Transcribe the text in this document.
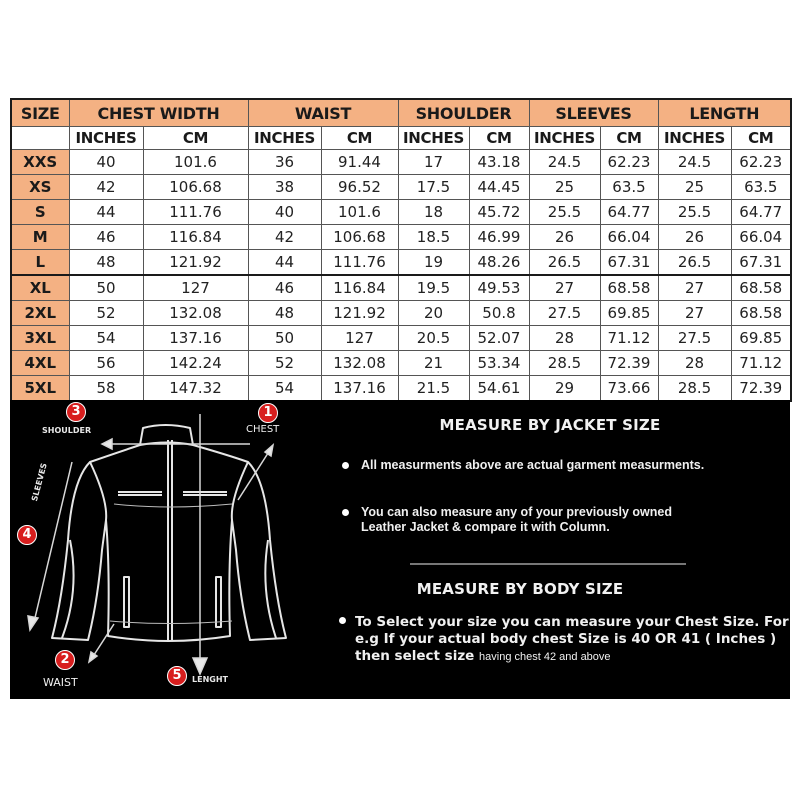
SIZE	CHEST WIDTH		WAIST		SHOULDER		SLEEVES		LENGTH	
	INCHES	CM	INCHES	CM	INCHES	CM	INCHES	CM	INCHES	CM
XXS	40	101.6	36	91.44	17	43.18	24.5	62.23	24.5	62.23
XS	42	106.68	38	96.52	17.5	44.45	25	63.5	25	63.5
S	44	111.76	40	101.6	18	45.72	25.5	64.77	25.5	64.77
M	46	116.84	42	106.68	18.5	46.99	26	66.04	26	66.04
L	48	121.92	44	111.76	19	48.26	26.5	67.31	26.5	67.31
XL	50	127	46	116.84	19.5	49.53	27	68.58	27	68.58
2XL	52	132.08	48	121.92	20	50.8	27.5	69.85	27	68.58
3XL	54	137.16	50	127	20.5	52.07	28	71.12	27.5	69.85
4XL	56	142.24	52	132.08	21	53.34	28.5	72.39	28	71.12
5XL	58	147.32	54	137.16	21.5	54.61	29	73.66	28.5	72.39
3
SHOULDER
1
CHEST
4
SLEEVES
2
WAIST	5	LENGHT
MEASURE BY JACKET SIZE
All measurments above are actual garment measurments.
You can also measure any of your previously owned
Leather Jacket & compare it with Column.
MEASURE BY BODY SIZE
To Select your size you can measure your Chest Size. For
e.g If your actual body chest Size is 40 OR 41 ( Inches )
then select size having chest 42 and above
